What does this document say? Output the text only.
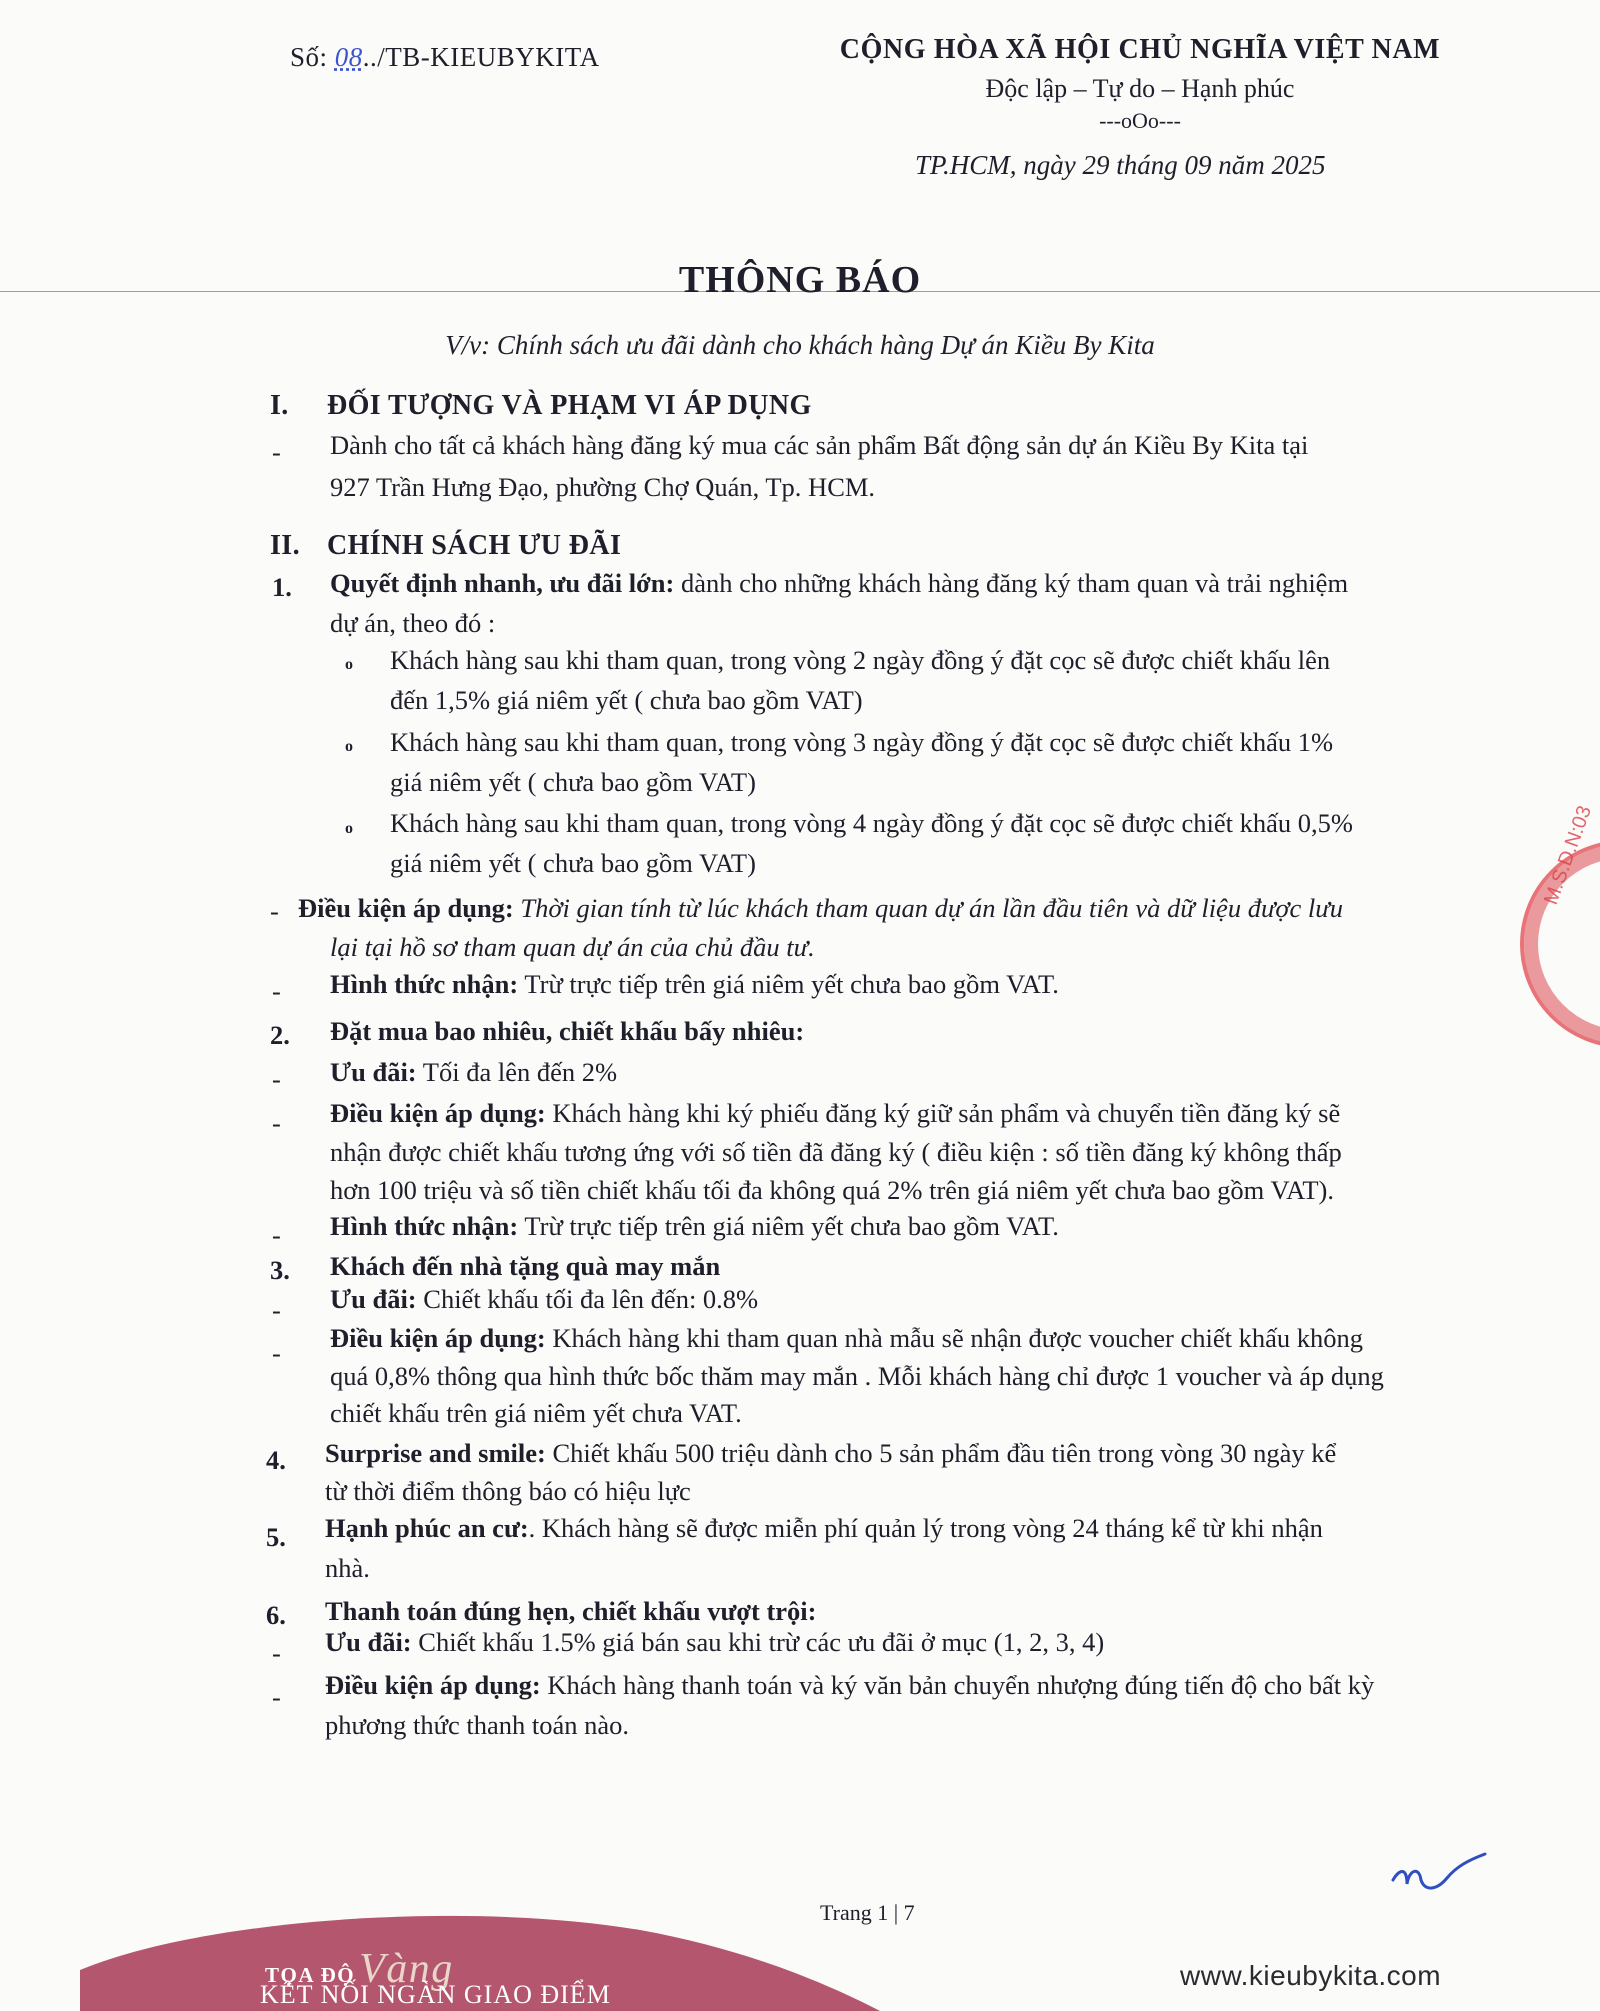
Số: 08../TB-KIEUBYKITA	CỘNG HÒA XÃ HỘI CHỦ NGHĨA VIỆT NAM
Độc lập – Tự do – Hạnh phúc
---oOo---
TP.HCM, ngày 29 tháng 09 năm 2025
THÔNG BÁO
V/v: Chính sách ưu đãi dành cho khách hàng Dự án Kiều By Kita
I. ĐỐI TƯỢNG VÀ PHẠM VI ÁP DỤNG
- Dành cho tất cả khách hàng đăng ký mua các sản phẩm Bất động sản dự án Kiều By Kita tại
927 Trần Hưng Đạo, phường Chợ Quán, Tp. HCM.
II. CHÍNH SÁCH ƯU ĐÃI
1. Quyết định nhanh, ưu đãi lớn: dành cho những khách hàng đăng ký tham quan và trải nghiệm
dự án, theo đó :
o Khách hàng sau khi tham quan, trong vòng 2 ngày đồng ý đặt cọc sẽ được chiết khấu lên
đến 1,5% giá niêm yết ( chưa bao gồm VAT)
o Khách hàng sau khi tham quan, trong vòng 3 ngày đồng ý đặt cọc sẽ được chiết khấu 1%
giá niêm yết ( chưa bao gồm VAT)
o Khách hàng sau khi tham quan, trong vòng 4 ngày đồng ý đặt cọc sẽ được chiết khấu 0,5%
giá niêm yết ( chưa bao gồm VAT)
- Điều kiện áp dụng: Thời gian tính từ lúc khách tham quan dự án lần đầu tiên và dữ liệu được lưu
lại tại hồ sơ tham quan dự án của chủ đầu tư.
- Hình thức nhận: Trừ trực tiếp trên giá niêm yết chưa bao gồm VAT.
2. Đặt mua bao nhiêu, chiết khấu bấy nhiêu:
- Ưu đãi: Tối đa lên đến 2%
- Điều kiện áp dụng: Khách hàng khi ký phiếu đăng ký giữ sản phẩm và chuyển tiền đăng ký sẽ
nhận được chiết khấu tương ứng với số tiền đã đăng ký ( điều kiện : số tiền đăng ký không thấp
hơn 100 triệu và số tiền chiết khấu tối đa không quá 2% trên giá niêm yết chưa bao gồm VAT).
- Hình thức nhận: Trừ trực tiếp trên giá niêm yết chưa bao gồm VAT.
3. Khách đến nhà tặng quà may mắn
- Ưu đãi: Chiết khấu tối đa lên đến: 0.8%
- Điều kiện áp dụng: Khách hàng khi tham quan nhà mẫu sẽ nhận được voucher chiết khấu không
quá 0,8% thông qua hình thức bốc thăm may mắn . Mỗi khách hàng chỉ được 1 voucher và áp dụng
chiết khấu trên giá niêm yết chưa VAT.
4. Surprise and smile: Chiết khấu 500 triệu dành cho 5 sản phẩm đầu tiên trong vòng 30 ngày kể
từ thời điểm thông báo có hiệu lực
5. Hạnh phúc an cư:. Khách hàng sẽ được miễn phí quản lý trong vòng 24 tháng kể từ khi nhận
nhà.
6. Thanh toán đúng hẹn, chiết khấu vượt trội:
- Ưu đãi: Chiết khấu 1.5% giá bán sau khi trừ các ưu đãi ở mục (1, 2, 3, 4)
- Điều kiện áp dụng: Khách hàng thanh toán và ký văn bản chuyển nhượng đúng tiến độ cho bất kỳ
phương thức thanh toán nào.
M.S.D.N:03
Trang 1 | 7
TỌA ĐỘVàng
KẾT NỐI NGÀN GIAO ĐIỂM
www.kieubykita.com
